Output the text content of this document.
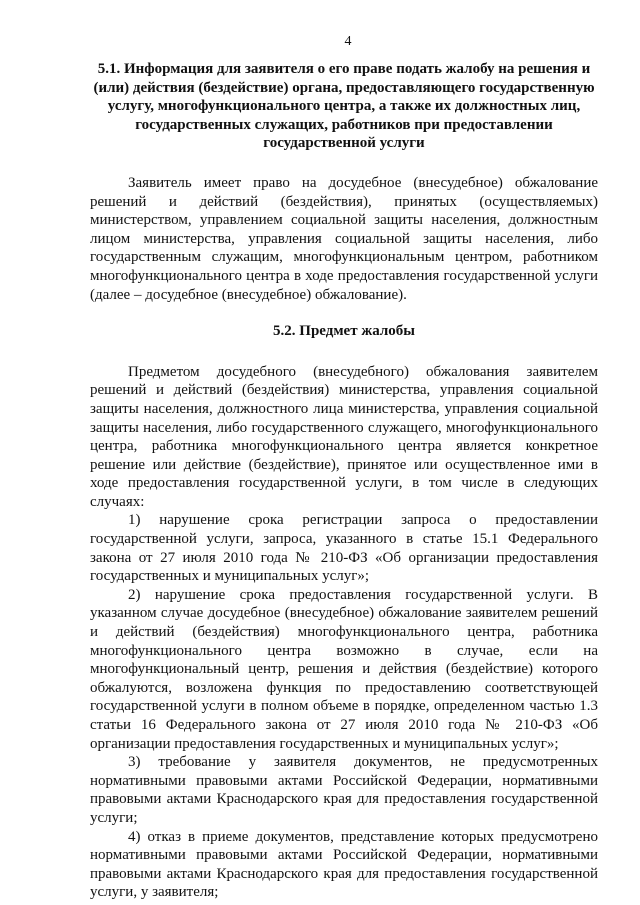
4
5.1. Информация для заявителя о его праве подать жалобу на решения и (или) действия (бездействие) органа, предоставляющего государственную услугу, многофункционального центра, а также их должностных лиц, государственных служащих, работников при предоставлении государственной услуги

Заявитель имеет право на досудебное (внесудебное) обжалование решений и действий (бездействия), принятых (осуществляемых) министерством, управлением социальной защиты населения, должностным лицом министерства, управления социальной защиты населения, либо государственным служащим, многофункциональным центром, работником многофункционального центра в ходе предоставления государственной услуги (далее – досудебное (внесудебное) обжалование).

5.2. Предмет жалобы

Предметом досудебного (внесудебного) обжалования заявителем решений и действий (бездействия) министерства, управления социальной защиты населения, должностного лица министерства, управления социальной защиты населения, либо государственного служащего, многофункционального центра, работника многофункционального центра является конкретное решение или действие (бездействие), принятое или осуществленное ими в ходе предоставления государственной услуги, в том числе в следующих случаях:

1) нарушение срока регистрации запроса о предоставлении государственной услуги, запроса, указанного в статье 15.1 Федерального закона от 27 июля 2010 года № 210-ФЗ «Об организации предоставления государственных и муниципальных услуг»;

2) нарушение срока предоставления государственной услуги. В указанном случае досудебное (внесудебное) обжалование заявителем решений и действий (бездействия) многофункционального центра, работника многофункционального центра возможно в случае, если на многофункциональный центр, решения и действия (бездействие) которого обжалуются, возложена функция по предоставлению соответствующей государственной услуги в полном объеме в порядке, определенном частью 1.3 статьи 16 Федерального закона от 27 июля 2010 года № 210-ФЗ «Об организации предоставления государственных и муниципальных услуг»;

3) требование у заявителя документов, не предусмотренных нормативными правовыми актами Российской Федерации, нормативными правовыми актами Краснодарского края для предоставления государственной услуги;

4) отказ в приеме документов, представление которых предусмотрено нормативными правовыми актами Российской Федерации, нормативными правовыми актами Краснодарского края для предоставления государственной услуги, у заявителя;
